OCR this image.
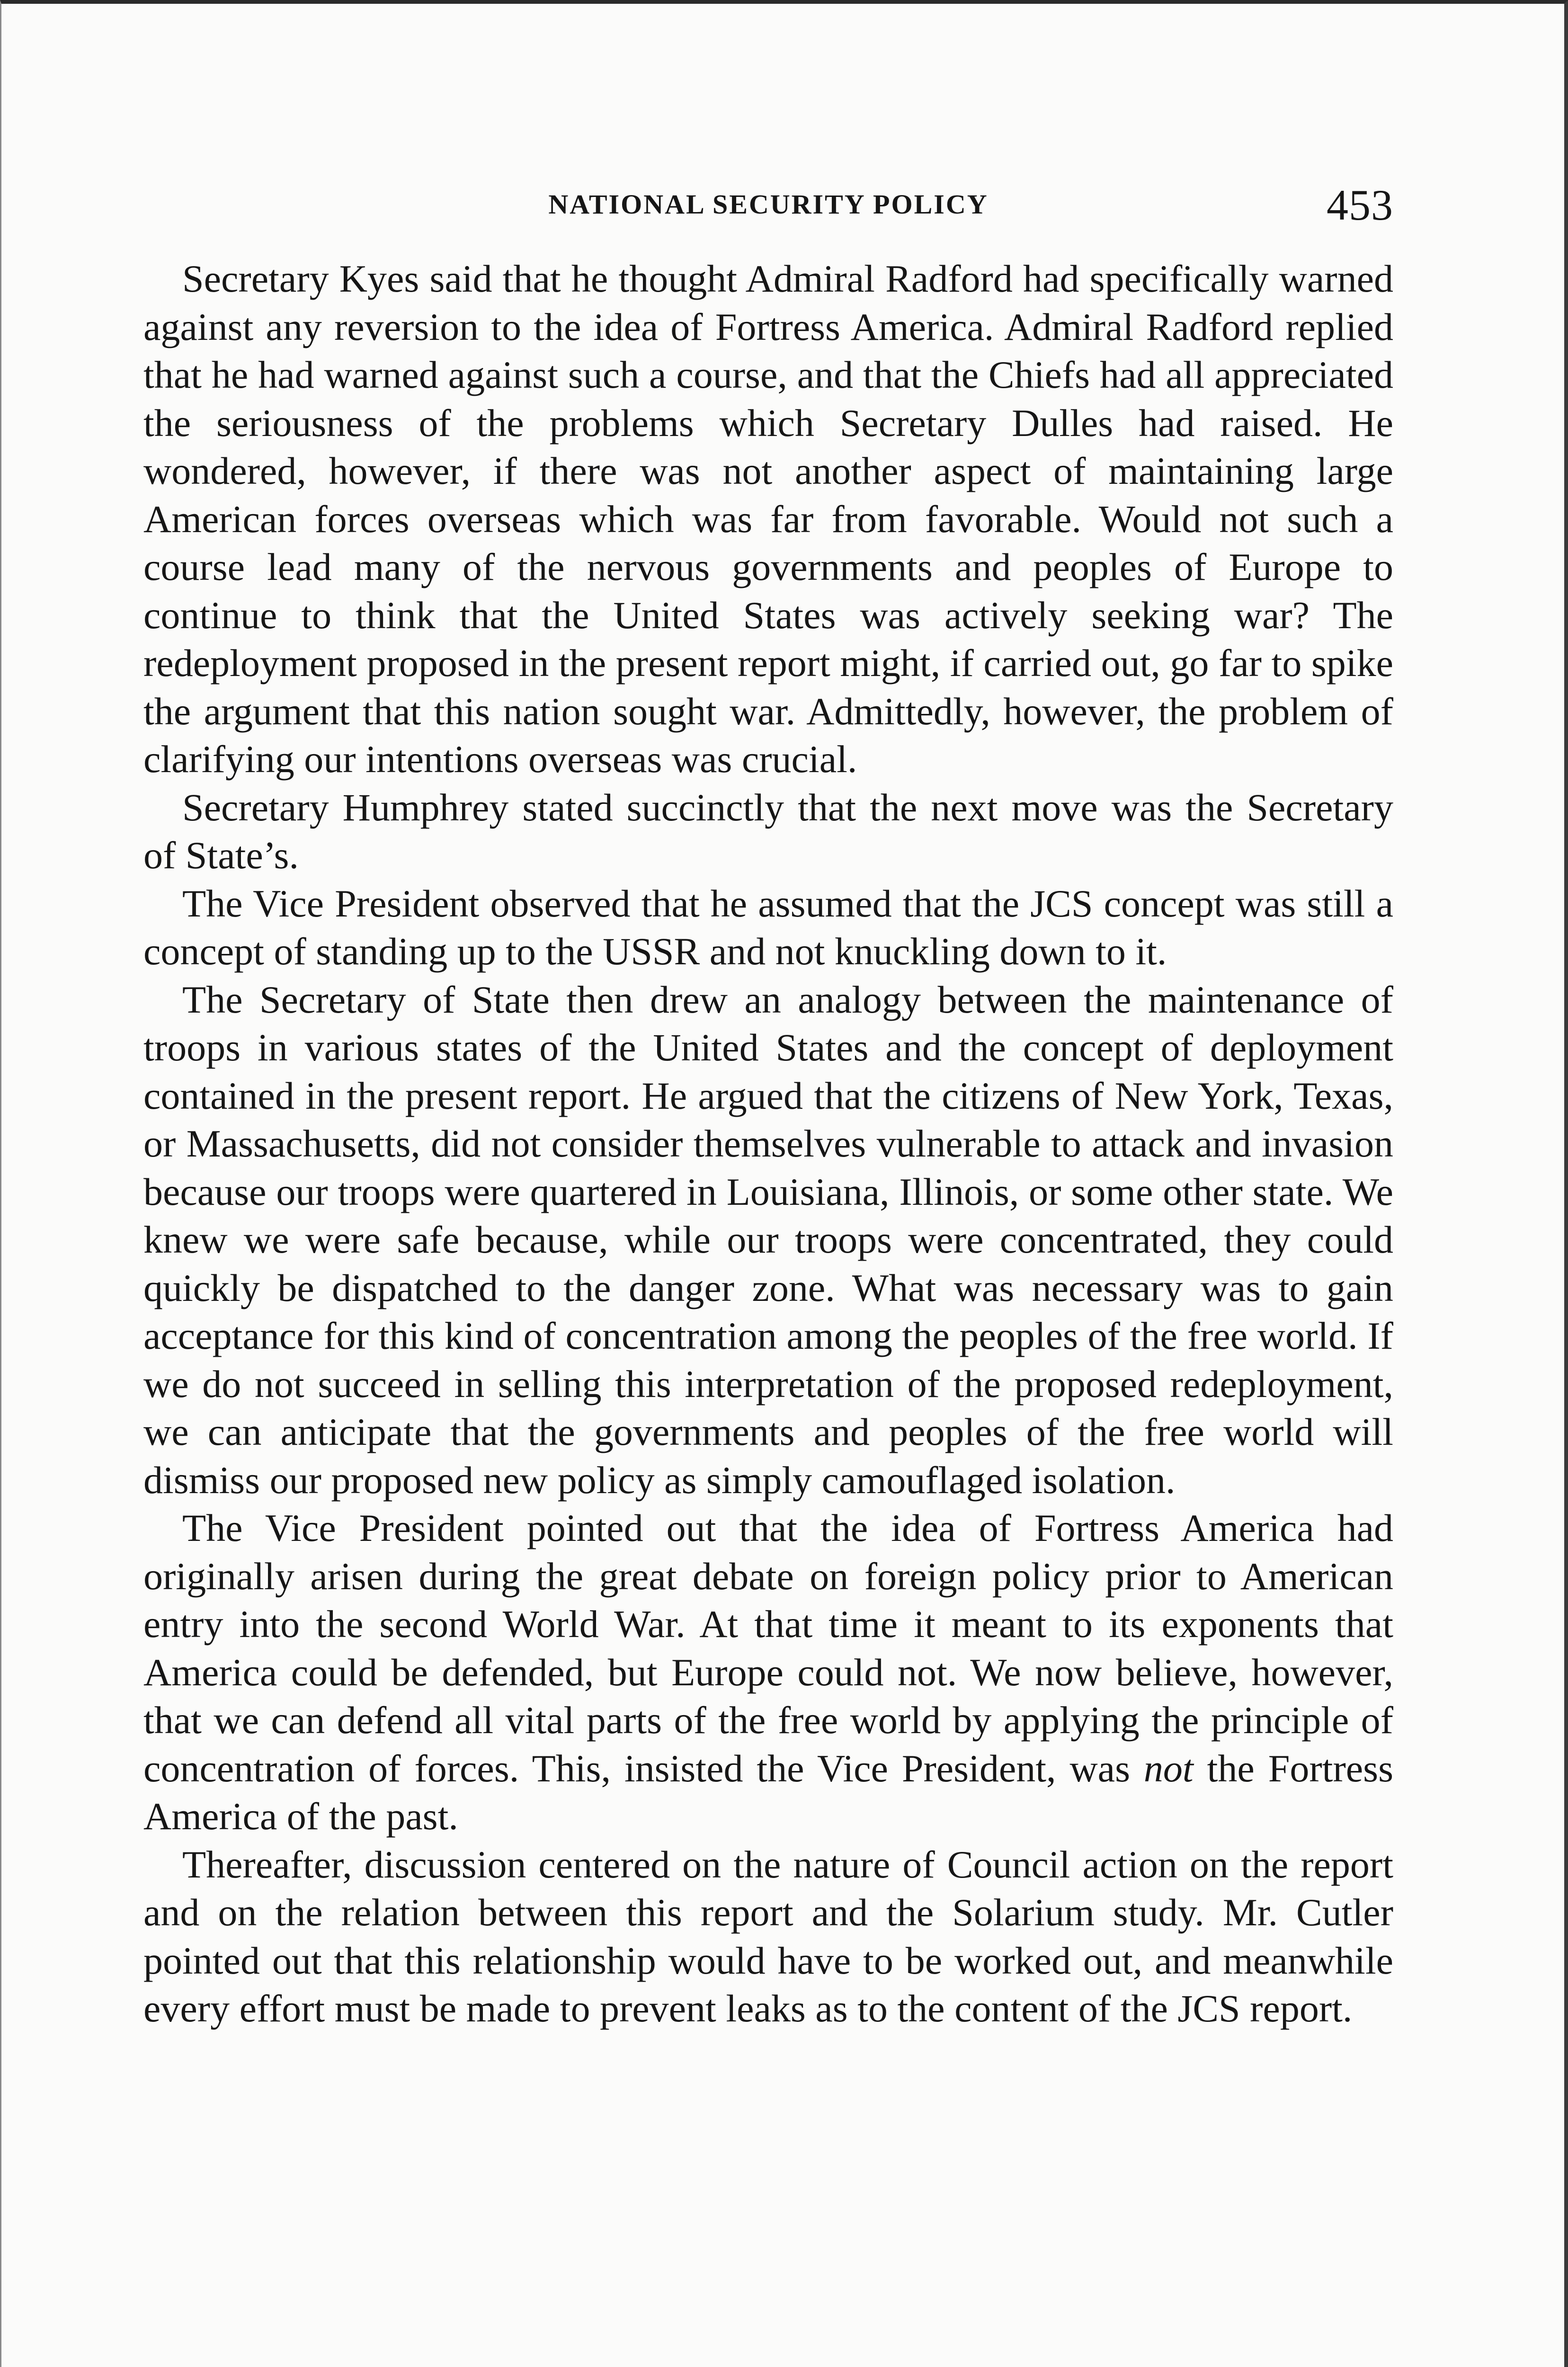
NATIONAL SECURITY POLICY	453

Secretary Kyes said that he thought Admiral Radford had specifically warned against any reversion to the idea of Fortress America. Admiral Radford replied that he had warned against such a course, and that the Chiefs had all appreciated the seriousness of the problems which Secretary Dulles had raised. He wondered, however, if there was not another aspect of maintaining large American forces overseas which was far from favorable. Would not such a course lead many of the nervous governments and peoples of Europe to continue to think that the United States was actively seeking war? The redeployment proposed in the present report might, if carried out, go far to spike the argument that this nation sought war. Admittedly, however, the problem of clarifying our intentions overseas was crucial.

Secretary Humphrey stated succinctly that the next move was the Secretary of State’s.

The Vice President observed that he assumed that the JCS concept was still a concept of standing up to the USSR and not knuckling down to it.

The Secretary of State then drew an analogy between the maintenance of troops in various states of the United States and the concept of deployment contained in the present report. He argued that the citizens of New York, Texas, or Massachusetts, did not consider themselves vulnerable to attack and invasion because our troops were quartered in Louisiana, Illinois, or some other state. We knew we were safe because, while our troops were concentrated, they could quickly be dispatched to the danger zone. What was necessary was to gain acceptance for this kind of concentration among the peoples of the free world. If we do not succeed in selling this interpretation of the proposed redeployment, we can anticipate that the governments and peoples of the free world will dismiss our proposed new policy as simply camouflaged isolation.

The Vice President pointed out that the idea of Fortress America had originally arisen during the great debate on foreign policy prior to American entry into the second World War. At that time it meant to its exponents that America could be defended, but Europe could not. We now believe, however, that we can defend all vital parts of the free world by applying the principle of concentration of forces. This, insisted the Vice President, was not the Fortress America of the past.

Thereafter, discussion centered on the nature of Council action on the report and on the relation between this report and the Solarium study. Mr. Cutler pointed out that this relationship would have to be worked out, and meanwhile every effort must be made to prevent leaks as to the content of the JCS report.
